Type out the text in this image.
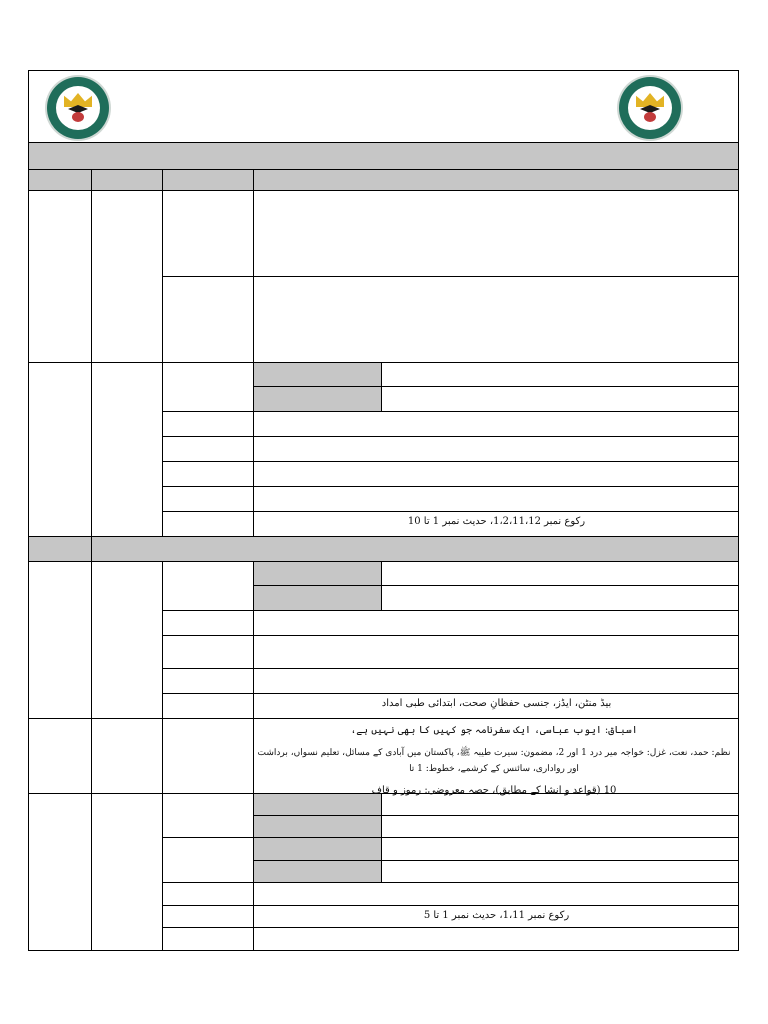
رکوع نمبر 1،2،11،12، حدیث نمبر 1 تا 10
بیڈ منٹن، ایڈز، جنسی حفظانِ صحت، ابتدائی طبی امداد
اسباق: ایوب عباسی، ایک سفرنامہ جو کہیں کا بھی نہیں ہے،
نظم: حمد، نعت، غزل: خواجہ میر درد 1 اور 2، مضمون: سیرت طیبہ ﷺ، پاکستان میں آبادی کے مسائل، تعلیم نسواں، برداشت اور رواداری، سائنس کے کرشمے، خطوط: 1 تا
10 (قواعد و انشا کے مطابق)، حصہ معروضی: رموز و قاف
رکوع نمبر 1،11، حدیث نمبر 1 تا 5
